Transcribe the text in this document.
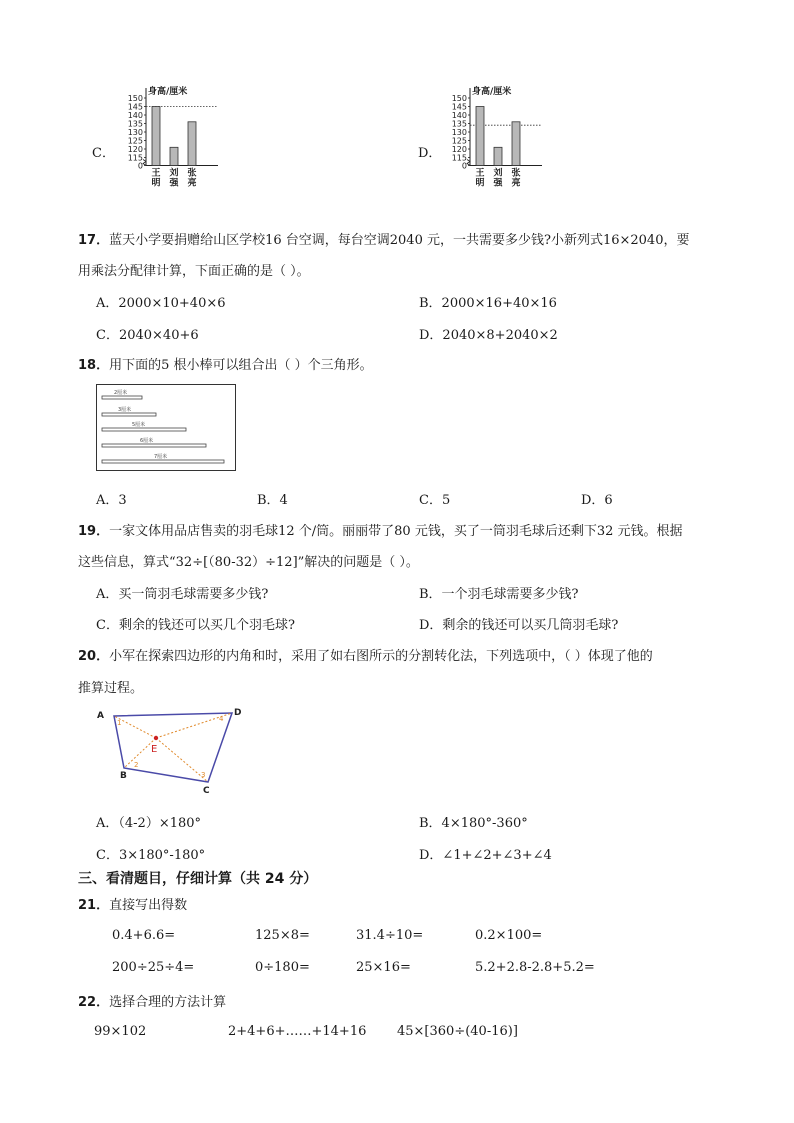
C．
身高/厘米
150
145
140
135
130
125
120
115
0
王
明
刘
强
张
亮
D．
身高/厘米
150
145
140
135
130
125
120
115
0
王
明
刘
强
张
亮
17．蓝天小学要捐赠给山区学校16 台空调，每台空调2040 元，一共需要多少钱?小新列式16×2040，要
用乘法分配律计算，下面正确的是（ ）。
A．2000×10+40×6	B．2000×16+40×16
C．2040×40+6	D．2040×8+2040×2
18．用下面的5 根小棒可以组合出（ ）个三角形。
2厘米
3厘米
5厘米
6厘米
7厘米
A．3	B．4	C．5	D．6
19．一家文体用品店售卖的羽毛球12 个/筒。丽丽带了80 元钱，买了一筒羽毛球后还剩下32 元钱。根据
这些信息，算式“32÷[（80-32）÷12]”解决的问题是（ ）。
A．买一筒羽毛球需要多少钱?	B．一个羽毛球需要多少钱?
C．剩余的钱还可以买几个羽毛球?	D．剩余的钱还可以买几筒羽毛球?
20．小军在探索四边形的内角和时，采用了如右图所示的分割转化法，下列选项中，（ ）体现了他的
推算过程。
A
B
C
D
E
1
2
3
4
A．（4-2）×180°	B．4×180°-360°
C．3×180°-180°	D．∠1+∠2+∠3+∠4
三、看清题目，仔细计算（共 24 分）
21．直接写出得数
0.4+6.6=	125×8=	31.4÷10=	0.2×100=
200÷25÷4=	0÷180=	25×16=	5.2+2.8-2.8+5.2=
22．选择合理的方法计算
99×102	2+4+6+……+14+16 45×[360÷(40-16)]
